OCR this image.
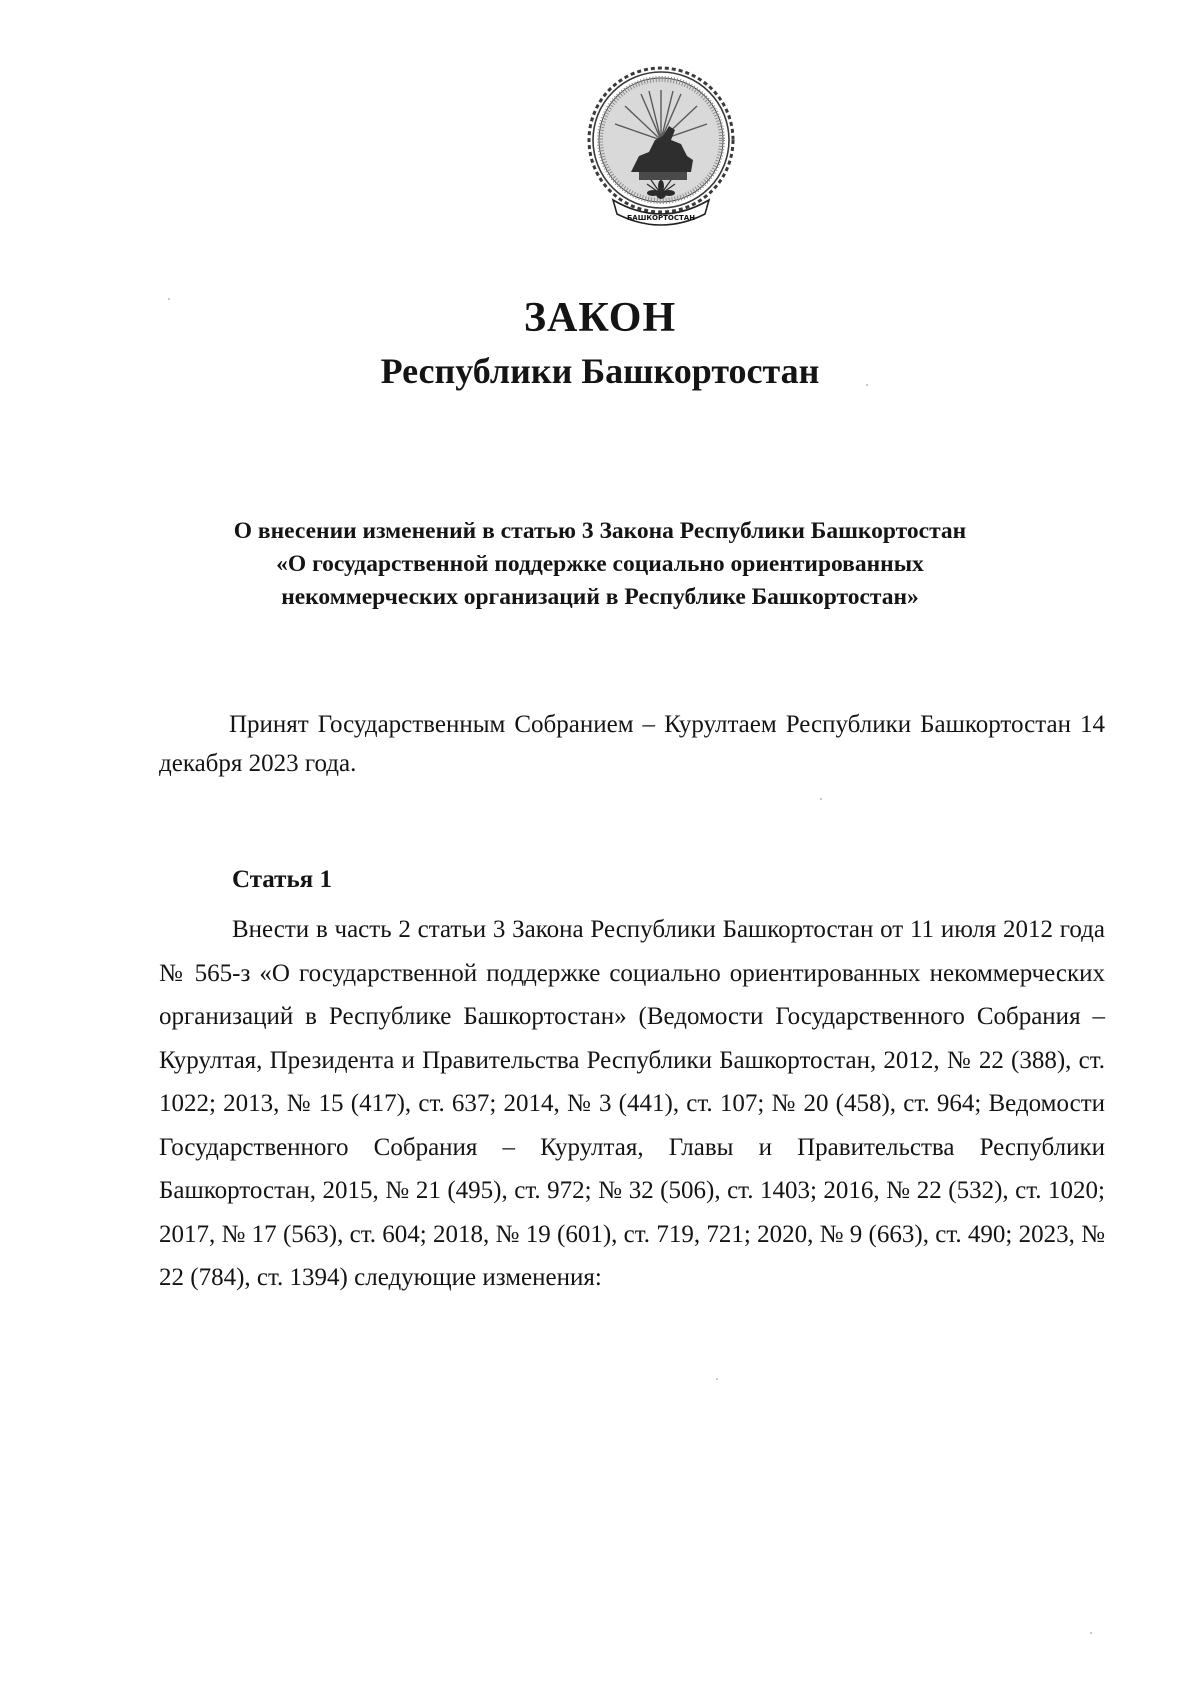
БАШКОРТОСТАН
ЗАКОН
Республики Башкортостан
О внесении изменений в статью 3 Закона Республики Башкортостан
«О государственной поддержке социально ориентированных
некоммерческих организаций в Республике Башкортостан»
Принят Государственным Собранием – Курултаем Республики Башкортостан 14 декабря 2023 года.
Статья 1
Внести в часть 2 статьи 3 Закона Республики Башкортостан от 11 июля 2012 года № 565-з «О государственной поддержке социально ориентированных некоммерческих организаций в Республике Башкортостан» (Ведомости Государственного Собрания – Курултая, Президента и Правительства Республики Башкортостан, 2012, № 22 (388), ст. 1022; 2013, № 15 (417), ст. 637; 2014, № 3 (441), ст. 107; № 20 (458), ст. 964; Ведомости Государственного Собрания – Курултая, Главы и Правительства Республики Башкортостан, 2015, № 21 (495), ст. 972; № 32 (506), ст. 1403; 2016, № 22 (532), ст. 1020; 2017, № 17 (563), ст. 604; 2018, № 19 (601), ст. 719, 721; 2020, № 9 (663), ст. 490; 2023, № 22 (784), ст. 1394) следующие изменения:
